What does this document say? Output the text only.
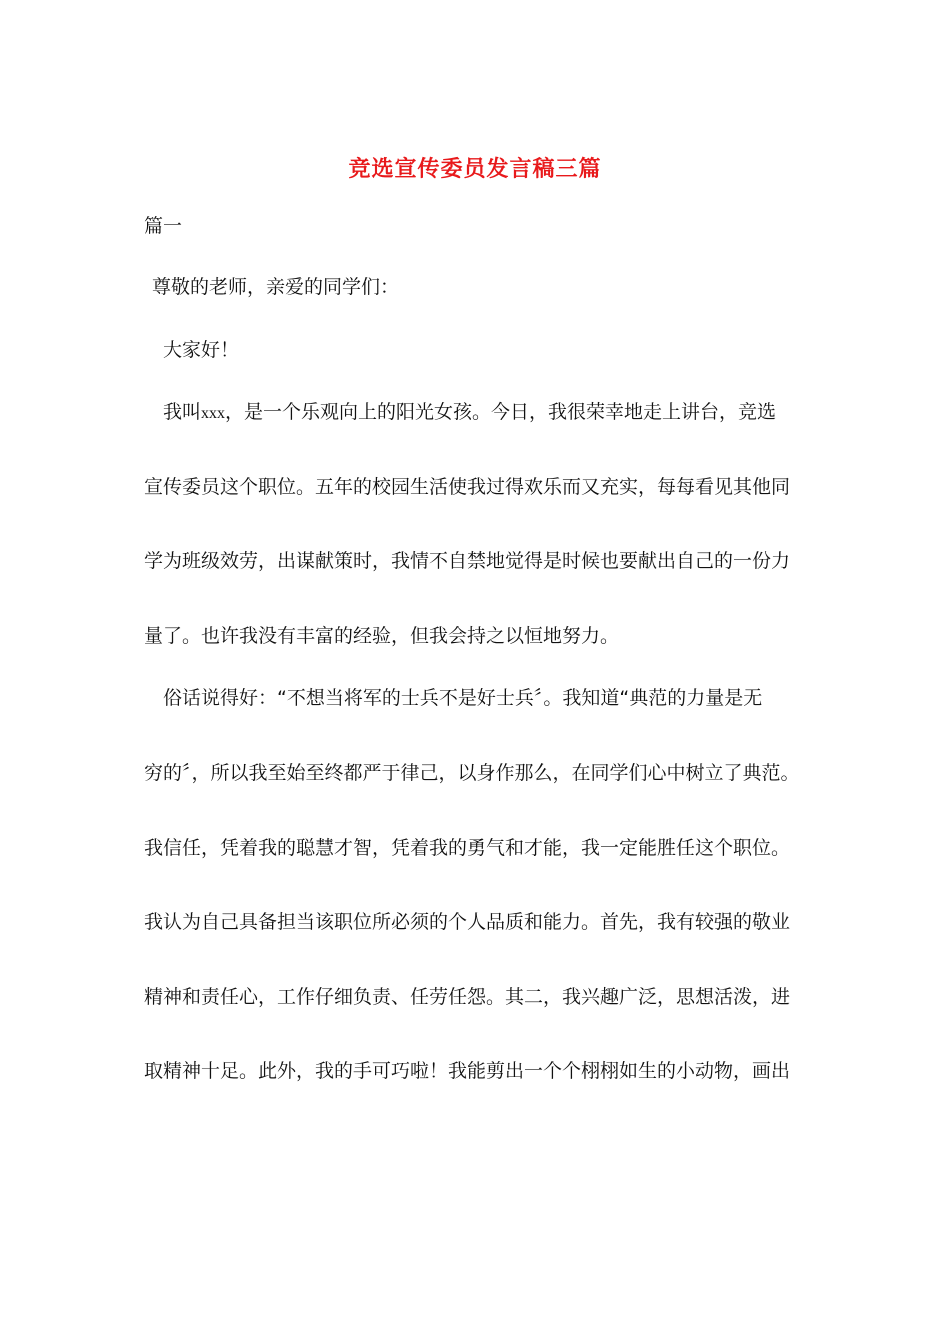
竞选宣传委员发言稿三篇
篇一
尊敬的老师，亲爱的同学们：
大家好！
我叫xxx，是一个乐观向上的阳光女孩。今日，我很荣幸地走上讲台，竞选
宣传委员这个职位。五年的校园生活使我过得欢乐而又充实，每每看见其他同
学为班级效劳，出谋献策时，我情不自禁地觉得是时候也要献出自己的一份力
量了。也许我没有丰富的经验，但我会持之以恒地努力。
俗话说得好：“不想当将军的士兵不是好士兵〞。我知道“典范的力量是无
穷的〞，所以我至始至终都严于律己，以身作那么，在同学们心中树立了典范。
我信任，凭着我的聪慧才智，凭着我的勇气和才能，我一定能胜任这个职位。
我认为自己具备担当该职位所必须的个人品质和能力。首先，我有较强的敬业
精神和责任心，工作仔细负责、任劳任怨。其二，我兴趣广泛，思想活泼，进
取精神十足。此外，我的手可巧啦！我能剪出一个个栩栩如生的小动物，画出
